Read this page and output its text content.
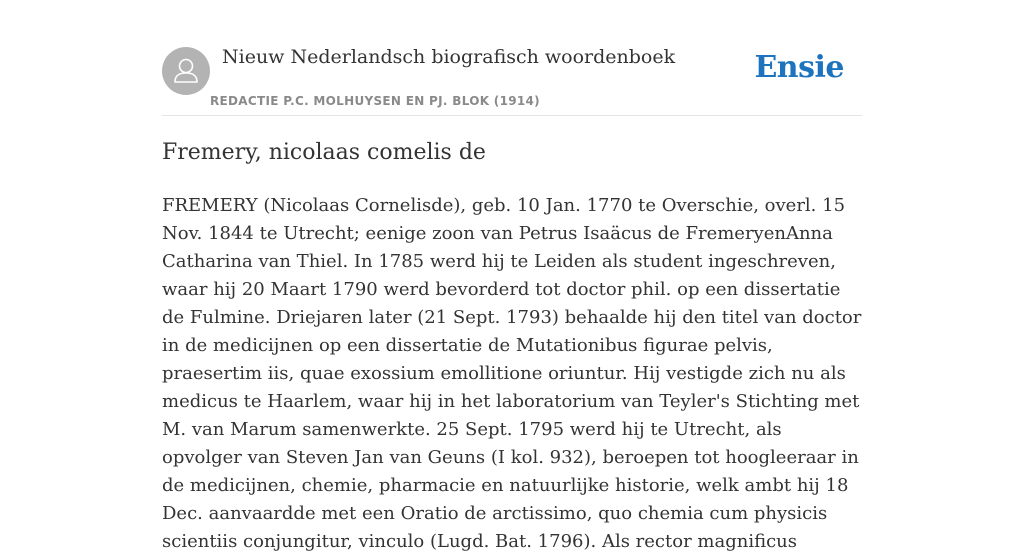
Nieuw Nederlandsch biografisch woordenboek
REDACTIE P.C. MOLHUYSEN EN PJ. BLOK (1914)
Ensie
Fremery, nicolaas comelis de

FREMERY (Nicolaas Cornelisde), geb. 10 Jan. 1770 te Overschie, overl. 15 Nov. 1844 te Utrecht; eenige zoon van Petrus Isaäcus de FremeryenAnna Catharina van Thiel. In 1785 werd hij te Leiden als student ingeschreven, waar hij 20 Maart 1790 werd bevorderd tot doctor phil. op een dissertatie de Fulmine. Driejaren later (21 Sept. 1793) behaalde hij den titel van doctor in de medicijnen op een dissertatie de Mutationibus figurae pelvis, praesertim iis, quae exossium emollitione oriuntur. Hij vestigde zich nu als medicus te Haarlem, waar hij in het laboratorium van Teyler's Stichting met M. van Marum samenwerkte. 25 Sept. 1795 werd hij te Utrecht, als opvolger van Steven Jan van Geuns (I kol. 932), beroepen tot hoogleeraar in de medicijnen, chemie, pharmacie en natuurlijke historie, welk ambt hij 18 Dec. aanvaardde met een Oratio de arctissimo, quo chemia cum physicis scientiis conjungitur, vinculo (Lugd. Bat. 1796). Als rector magnificus
